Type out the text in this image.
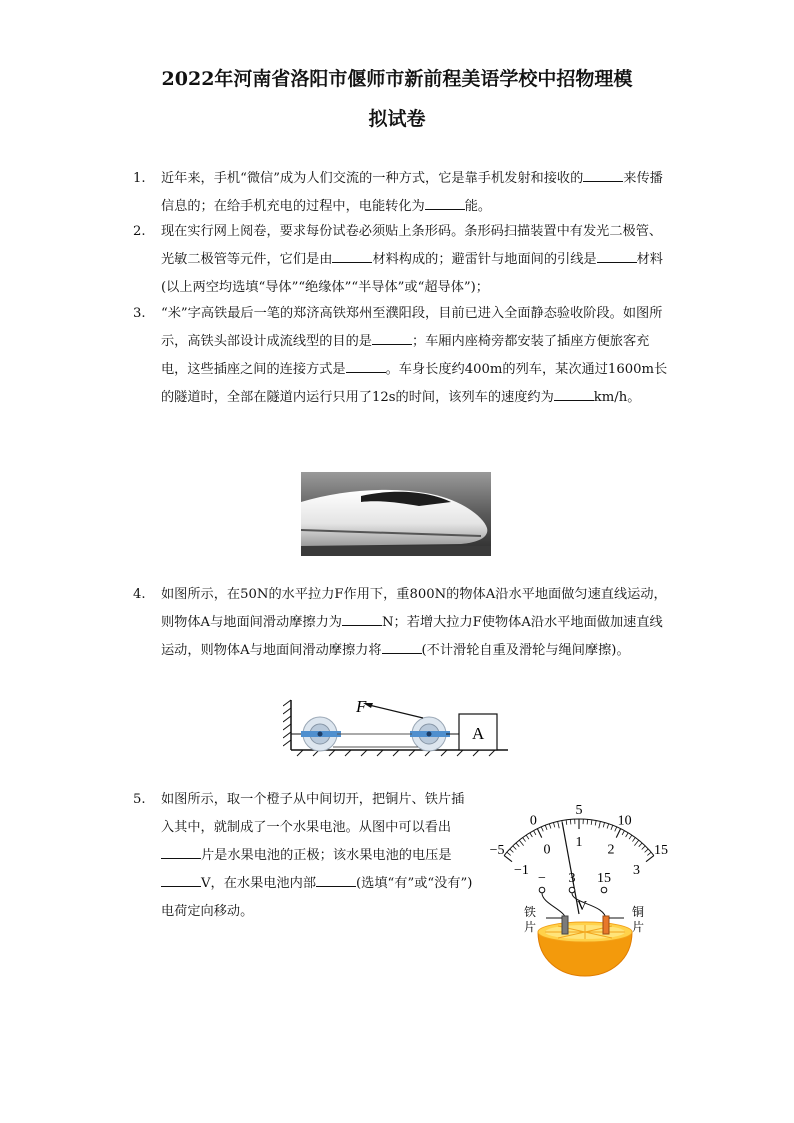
2022年河南省洛阳市偃师市新前程美语学校中招物理模
拟试卷
1.	近年来，手机“微信”成为人们交流的一种方式，它是靠手机发射和接收的	来传播信息的；在给手机充电的过程中，电能转化为	能。
2.	现在实行网上阅卷，要求每份试卷必须贴上条形码。条形码扫描装置中有发光二极管、光敏二极管等元件，它们是由	材料构成的；避雷针与地面间的引线是	材料(以上两空均选填“导体”“绝缘体”“半导体”或“超导体”)；
3.	“米”字高铁最后一笔的郑济高铁郑州至濮阳段，目前已进入全面静态验收阶段。如图所示，高铁头部设计成流线型的目的是	；车厢内座椅旁都安装了插座方便旅客充电，这些插座之间的连接方式是	。车身长度约400m的列车，某次通过1600m长的隧道时，全部在隧道内运行只用了12s的时间，该列车的速度约为	km/h。
4.	如图所示，在50N的水平拉力F作用下，重800N的物体A沿水平地面做匀速直线运动，则物体A与地面间滑动摩擦力为	N；若增大拉力F使物体A沿水平地面做加速直线运动，则物体A与地面间滑动摩擦力将	(不计滑轮自重及滑轮与绳间摩擦)。
F
A
5.	如图所示，取一个橙子从中间切开，把铜片、铁片插入其中，就制成了一个水果电池。从图中可以看出片是水果电池的正极；该水果电池的电压是V，在水果电池内部	(选填“有”或“没有”)电荷定向移动。
−5
0
5
10
15
−1
0 1 2
3
− 3 15
V
铁
片
铜
片
